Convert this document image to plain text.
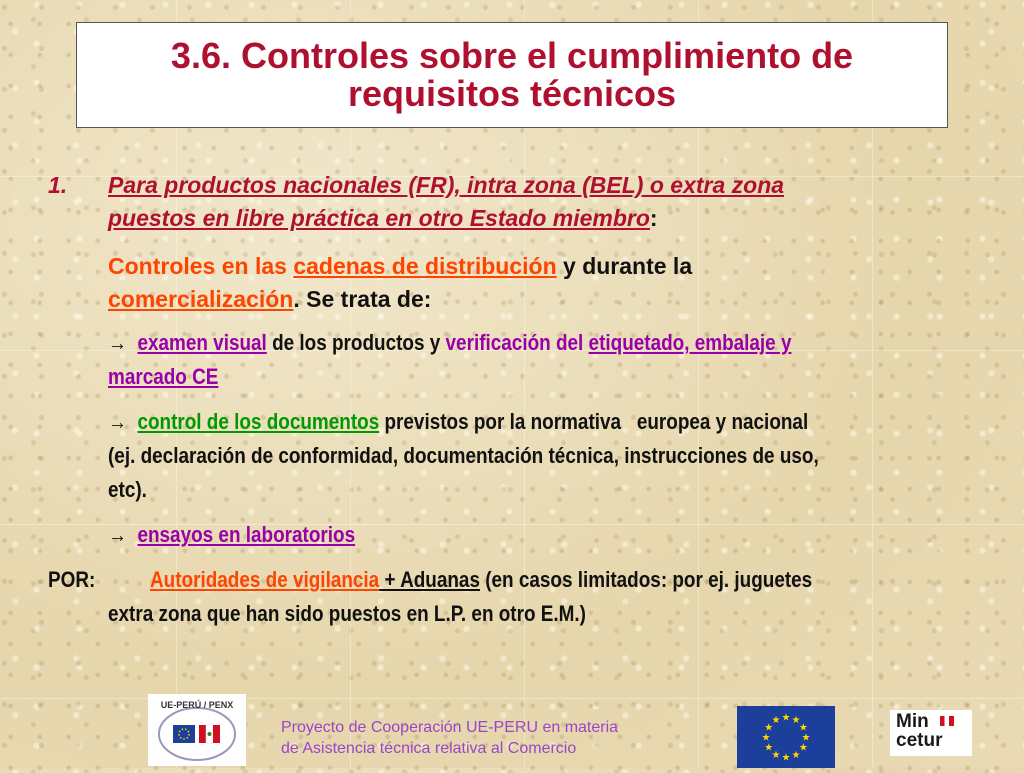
3.6. Controles sobre el cumplimiento de
requisitos técnicos
1. Para productos nacionales (FR), intra zona (BEL) o extra zona
puestos en libre práctica en otro Estado miembro:
Controles en las cadenas de distribución y durante la
comercialización. Se trata de:
→ examen visual de los productos y verificación del etiquetado, embalaje y
marcado CE
→ control de los documentos previstos por la normativa   europea y nacional
(ej. declaración de conformidad, documentación técnica, instrucciones de uso,
etc).
→ ensayos en laboratorios
POR: Autoridades de vigilancia + Aduanas (en casos limitados: por ej. juguetes
extra zona que han sido puestos en L.P. en otro E.M.)
UE-PERÚ / PENX
Proyecto de Cooperación UE-PERU en materia
de Asistencia técnica relativa al Comercio
★ ★
★
★
★
★
★
★
★
★
★
★	Min
cetur
